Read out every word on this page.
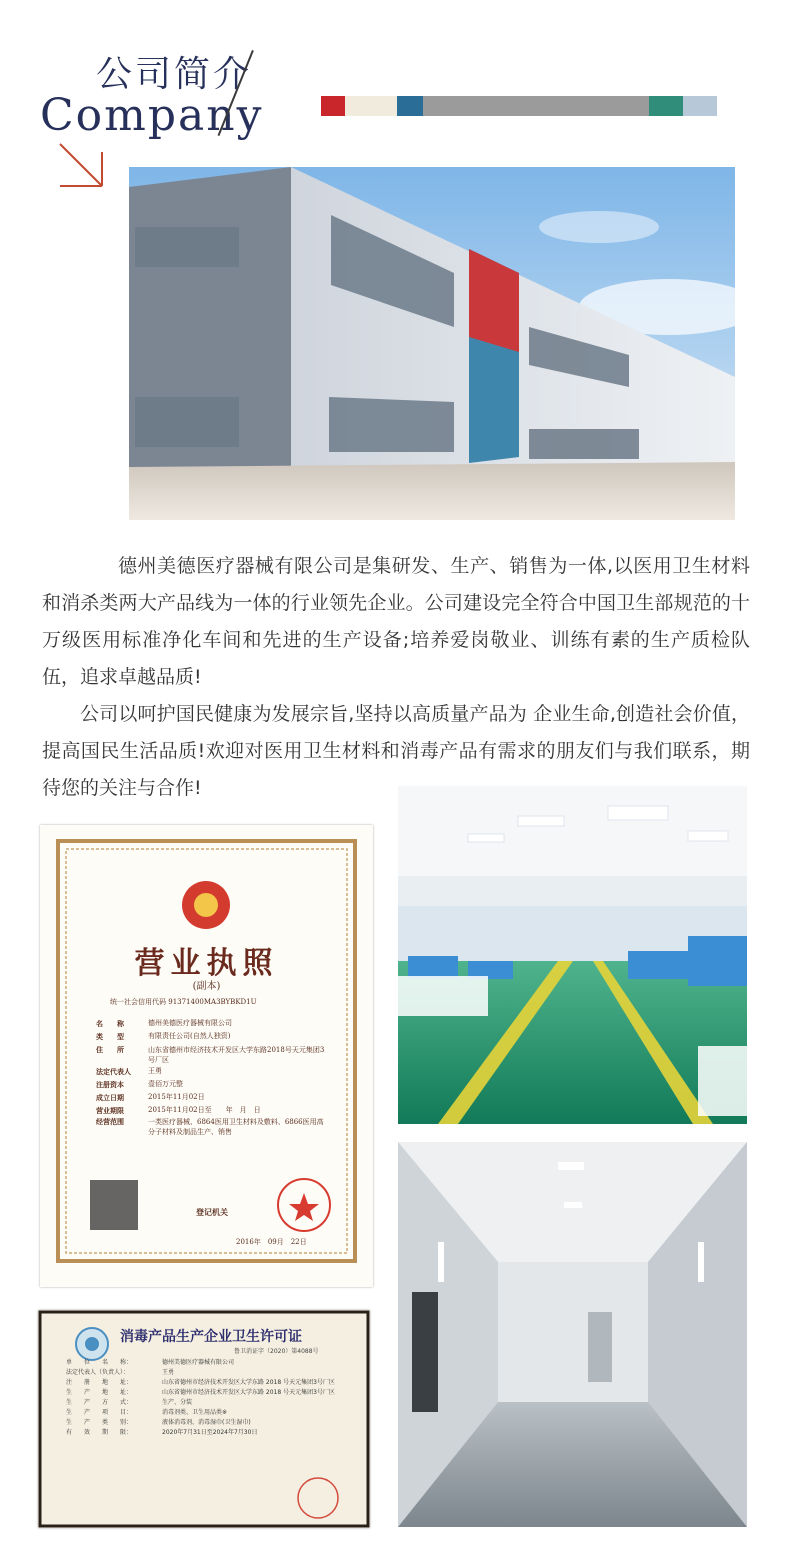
公司简介
Company

德州美德医疗器械有限公司是集研发、生产、销售为一体,以医用卫生材料和消杀类两大产品线为一体的行业领先企业。公司建设完全符合中国卫生部规范的十万级医用标准净化车间和先进的生产设备;培养爱岗敬业、训练有素的生产质检队伍，追求卓越品质!

公司以呵护国民健康为发展宗旨,坚持以高质量产品为 企业生命,创造社会价值，提高国民生活品质!欢迎对医用卫生材料和消毒产品有需求的朋友们与我们联系，期待您的关注与合作!

营业执照
(副本)
统一社会信用代码 91371400MA3BYBKD1U
名　　称	德州美德医疗器械有限公司
类　　型	有限责任公司(自然人独资)
住　　所	山东省德州市经济技术开发区大学东路2018号天元集团3号厂区
法定代表人	王勇
注册资本	壹佰万元整
成立日期	2015年11月02日
营业期限	2015年11月02日至　　年　月　日
经营范围	一类医疗器械、6864医用卫生材料及敷料、6866医用高分子材料及制品生产、销售
登记机关
2016年　09月　22日
消毒产品生产企业卫生许可证
鲁卫消证字（2020）第4088号
单　　位　　名　　称：	德州美德医疗器械有限公司
法定代表人（负责人）：	王勇
注　　册　　地　　址：	山东省德州市经济技术开发区大学东路 2018 号天元集团3号厂区
生　　产　　地　　址：	山东省德州市经济技术开发区大学东路 2018 号天元集团3号厂区
生　　产　　方　　式：	生产、分装
生　　产　　项　　目：	消毒剂类、卫生用品类※
生　　产　　类　　别：	液体消毒剂、消毒湿巾(卫生湿巾)
有　　效　　期　　限：	2020年7月31日至2024年7月30日
